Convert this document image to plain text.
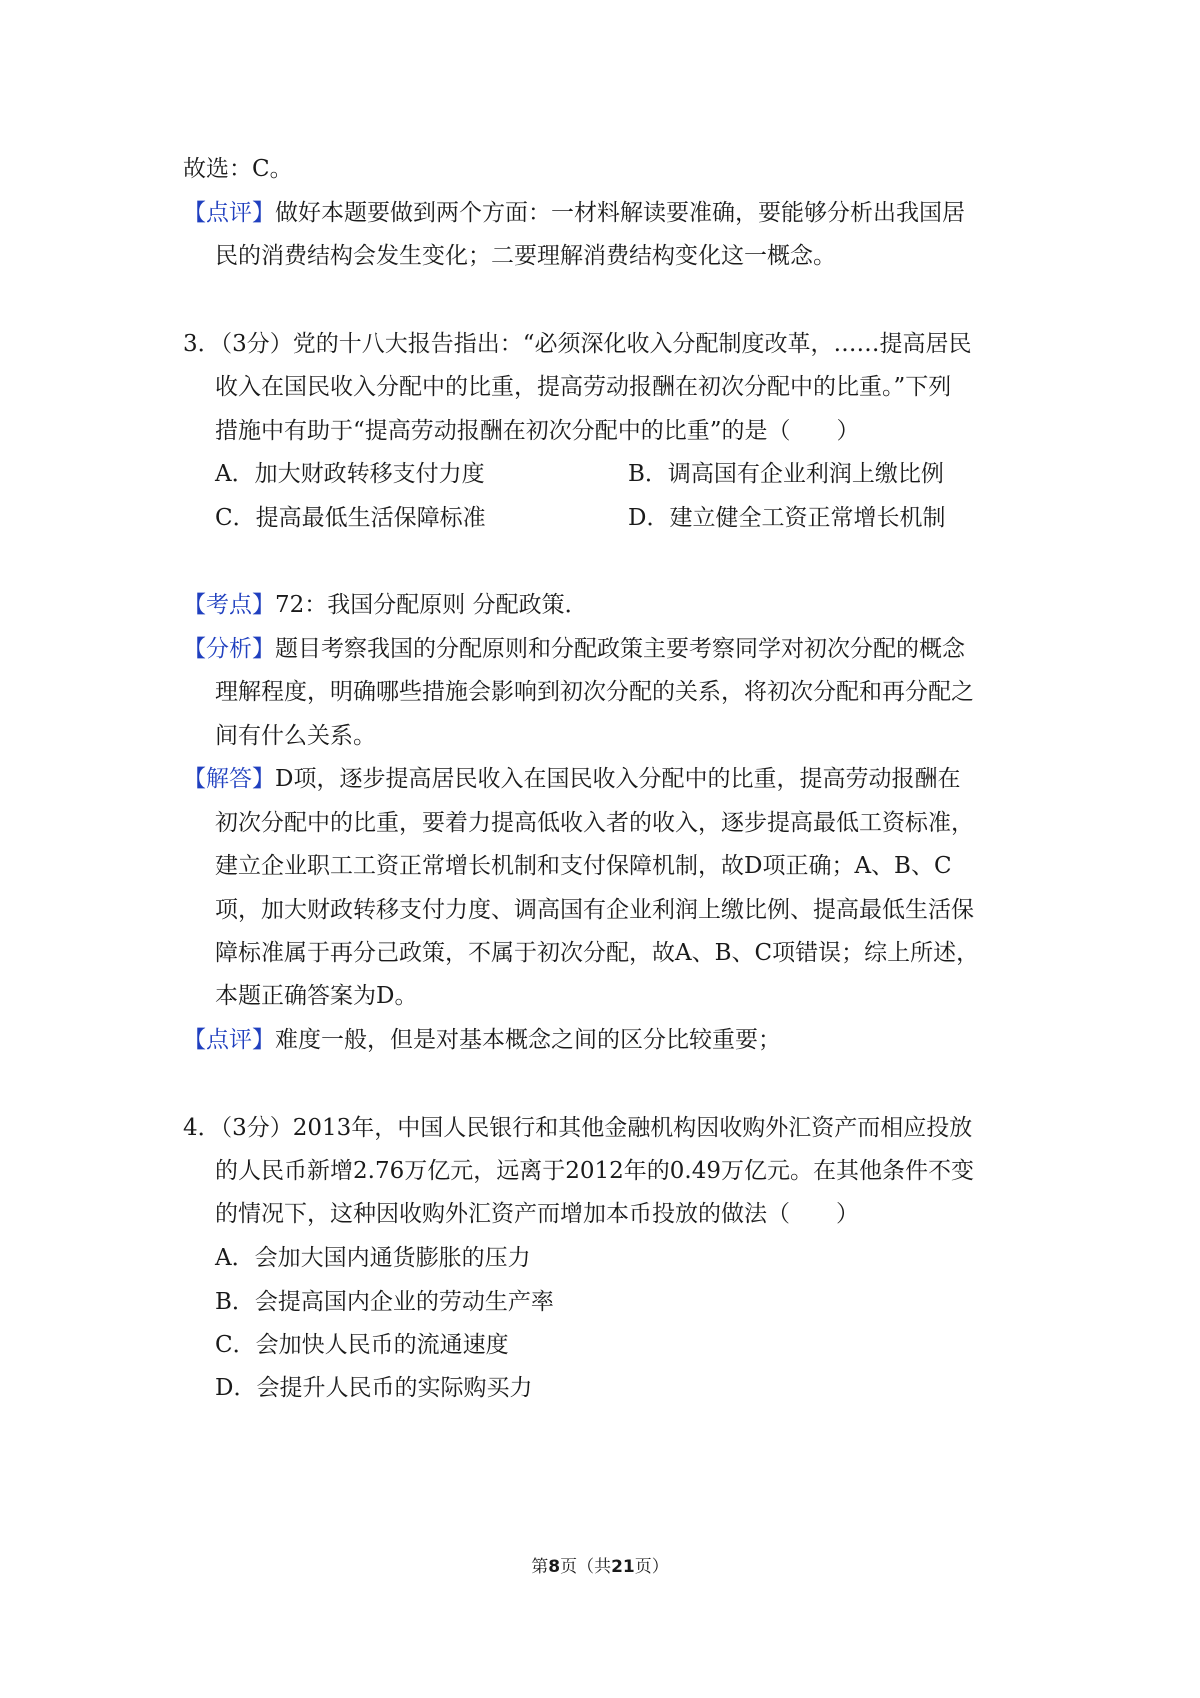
故选：C。
【点评】做好本题要做到两个方面：一材料解读要准确，要能够分析出我国居
民的消费结构会发生变化；二要理解消费结构变化这一概念。
3．（3分）党的十八大报告指出：“必须深化收入分配制度改革，……提高居民
收入在国民收入分配中的比重，提高劳动报酬在初次分配中的比重。”下列
措施中有助于“提高劳动报酬在初次分配中的比重”的是（　　）
A．加大财政转移支付力度	B．调高国有企业利润上缴比例
C．提高最低生活保障标准	D．建立健全工资正常增长机制
【考点】72：我国分配原则 分配政策．
【分析】题目考察我国的分配原则和分配政策主要考察同学对初次分配的概念
理解程度，明确哪些措施会影响到初次分配的关系，将初次分配和再分配之
间有什么关系。
【解答】D项，逐步提高居民收入在国民收入分配中的比重，提高劳动报酬在
初次分配中的比重，要着力提高低收入者的收入，逐步提高最低工资标准，
建立企业职工工资正常增长机制和支付保障机制，故D项正确；A、B、C
项，加大财政转移支付力度、调高国有企业利润上缴比例、提高最低生活保
障标准属于再分己政策，不属于初次分配，故A、B、C项错误；综上所述，
本题正确答案为D。
【点评】难度一般，但是对基本概念之间的区分比较重要；
4．（3分）2013年，中国人民银行和其他金融机构因收购外汇资产而相应投放
的人民币新增2.76万亿元，远离于2012年的0.49万亿元。在其他条件不变
的情况下，这种因收购外汇资产而增加本币投放的做法（　　）
A．会加大国内通货膨胀的压力
B．会提高国内企业的劳动生产率
C．会加快人民币的流通速度
D．会提升人民币的实际购买力
第8页（共21页）
